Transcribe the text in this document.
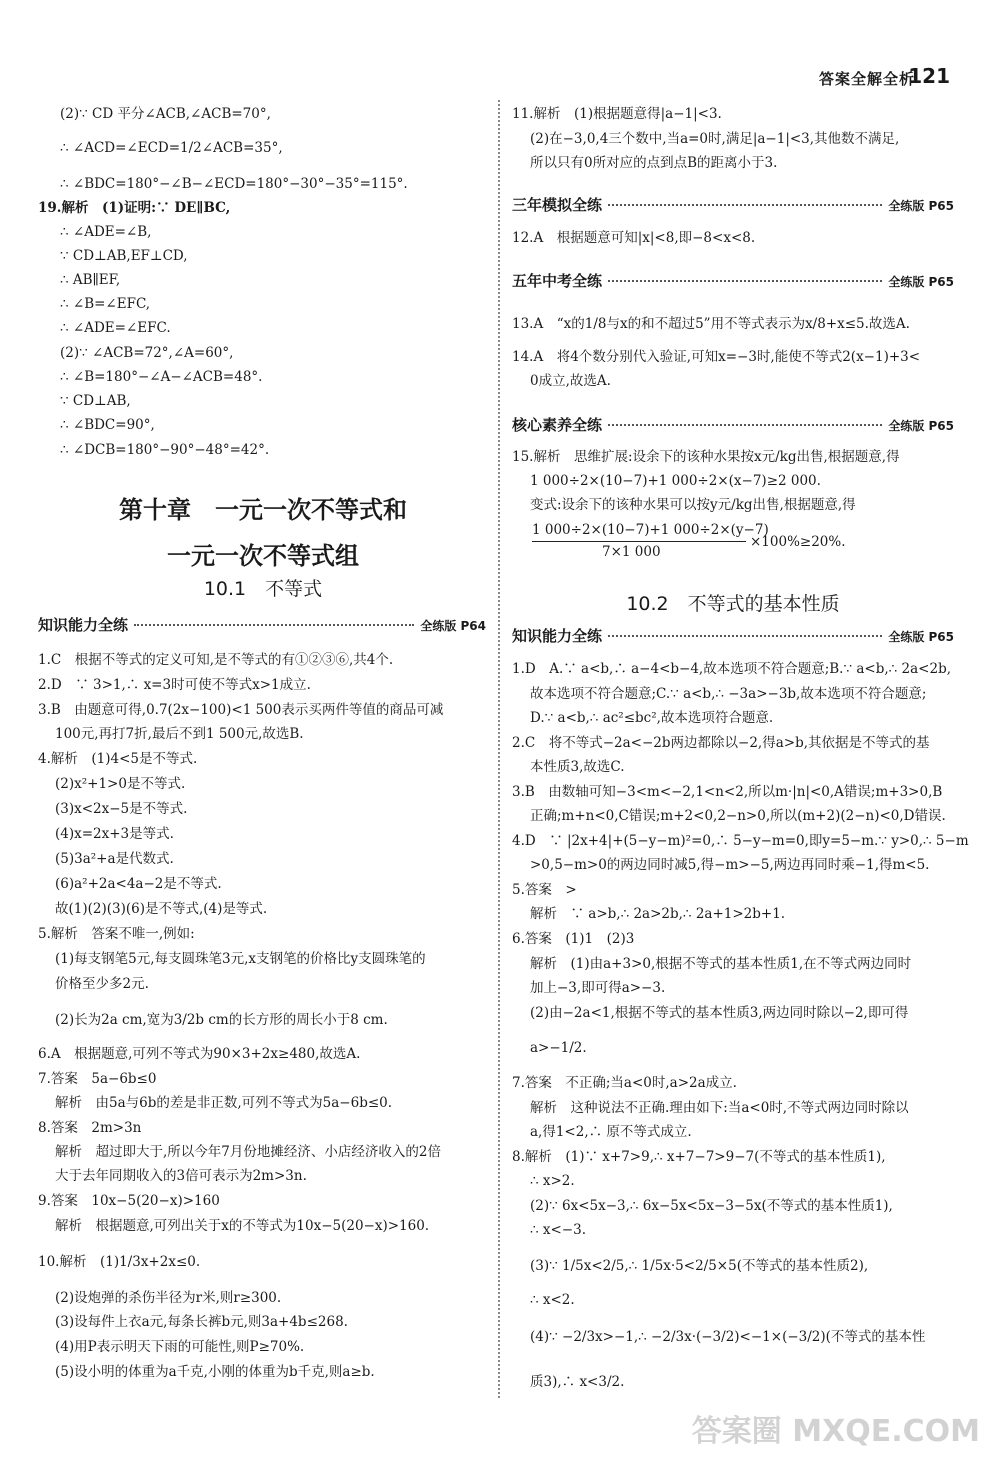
答案全解全析
121
(2)∵ CD 平分∠ACB,∠ACB=70°,
∴ ∠ACD=∠ECD=1/2∠ACB=35°,
∴ ∠BDC=180°−∠B−∠ECD=180°−30°−35°=115°.
19.解析　(1)证明:∵ DE∥BC,
∴ ∠ADE=∠B,
∵ CD⊥AB,EF⊥CD,
∴ AB∥EF,
∴ ∠B=∠EFC,
∴ ∠ADE=∠EFC.
(2)∵ ∠ACB=72°,∠A=60°,
∴ ∠B=180°−∠A−∠ACB=48°.
∵ CD⊥AB,
∴ ∠BDC=90°,
∴ ∠DCB=180°−90°−48°=42°.
第十章　一元一次不等式和
一元一次不等式组
10.1　不等式
知识能力全练	全练版 P64
1.C　根据不等式的定义可知,是不等式的有①②③⑥,共4个.
2.D　∵ 3>1,∴ x=3时可使不等式x>1成立.
3.B　由题意可得,0.7(2x−100)<1 500表示买两件等值的商品可减
100元,再打7折,最后不到1 500元,故选B.
4.解析　(1)4<5是不等式.
(2)x²+1>0是不等式.
(3)x<2x−5是不等式.
(4)x=2x+3是等式.
(5)3a²+a是代数式.
(6)a²+2a<4a−2是不等式.
故(1)(2)(3)(6)是不等式,(4)是等式.
5.解析　答案不唯一,例如:
(1)每支钢笔5元,每支圆珠笔3元,x支钢笔的价格比y支圆珠笔的
价格至少多2元.
(2)长为2a cm,宽为3/2b cm的长方形的周长小于8 cm.
6.A　根据题意,可列不等式为90×3+2x≥480,故选A.
7.答案　5a−6b≤0
解析　由5a与6b的差是非正数,可列不等式为5a−6b≤0.
8.答案　2m>3n
解析　超过即大于,所以今年7月份地摊经济、小店经济收入的2倍
大于去年同期收入的3倍可表示为2m>3n.
9.答案　10x−5(20−x)>160
解析　根据题意,可列出关于x的不等式为10x−5(20−x)>160.
10.解析　(1)1/3x+2x≤0.
(2)设炮弹的杀伤半径为r米,则r≥300.
(3)设每件上衣a元,每条长裤b元,则3a+4b≤268.
(4)用P表示明天下雨的可能性,则P≥70%.
(5)设小明的体重为a千克,小刚的体重为b千克,则a≥b.
11.解析　(1)根据题意得|a−1|<3.
(2)在−3,0,4三个数中,当a=0时,满足|a−1|<3,其他数不满足,
所以只有0所对应的点到点B的距离小于3.
三年模拟全练	全练版 P65
12.A　根据题意可知|x|<8,即−8<x<8.
五年中考全练	全练版 P65
13.A　“x的1/8与x的和不超过5”用不等式表示为x/8+x≤5.故选A.
14.A　将4个数分别代入验证,可知x=−3时,能使不等式2(x−1)+3<
0成立,故选A.
核心素养全练	全练版 P65
15.解析　思维扩展:设余下的该种水果按x元/kg出售,根据题意,得
1 000÷2×(10−7)+1 000÷2×(x−7)≥2 000.
变式:设余下的该种水果可以按y元/kg出售,根据题意,得
1 000÷2×(10−7)+1 000÷2×(y−7)
×100%≥20%.
7×1 000
10.2　不等式的基本性质
知识能力全练	全练版 P65
1.D　A.∵ a<b,∴ a−4<b−4,故本选项不符合题意;B.∵ a<b,∴ 2a<2b,
故本选项不符合题意;C.∵ a<b,∴ −3a>−3b,故本选项不符合题意;
D.∵ a<b,∴ ac²≤bc²,故本选项符合题意.
2.C　将不等式−2a<−2b两边都除以−2,得a>b,其依据是不等式的基
本性质3,故选C.
3.B　由数轴可知−3<m<−2,1<n<2,所以m·|n|<0,A错误;m+3>0,B
正确;m+n<0,C错误;m+2<0,2−n>0,所以(m+2)(2−n)<0,D错误.
4.D　∵ |2x+4|+(5−y−m)²=0,∴ 5−y−m=0,即y=5−m.∵ y>0,∴ 5−m
>0,5−m>0的两边同时减5,得−m>−5,两边再同时乘−1,得m<5.
5.答案　>
解析　∵ a>b,∴ 2a>2b,∴ 2a+1>2b+1.
6.答案　(1)1　(2)3
解析　(1)由a+3>0,根据不等式的基本性质1,在不等式两边同时
加上−3,即可得a>−3.
(2)由−2a<1,根据不等式的基本性质3,两边同时除以−2,即可得
a>−1/2.
7.答案　不正确;当a<0时,a>2a成立.
解析　这种说法不正确.理由如下:当a<0时,不等式两边同时除以
a,得1<2,∴ 原不等式成立.
8.解析　(1)∵ x+7>9,∴ x+7−7>9−7(不等式的基本性质1),
∴ x>2.
(2)∵ 6x<5x−3,∴ 6x−5x<5x−3−5x(不等式的基本性质1),
∴ x<−3.
(3)∵ 1/5x<2/5,∴ 1/5x·5<2/5×5(不等式的基本性质2),
∴ x<2.
(4)∵ −2/3x>−1,∴ −2/3x·(−3/2)<−1×(−3/2)(不等式的基本性
质3),∴ x<3/2.
答案圈 MXQE.COM
